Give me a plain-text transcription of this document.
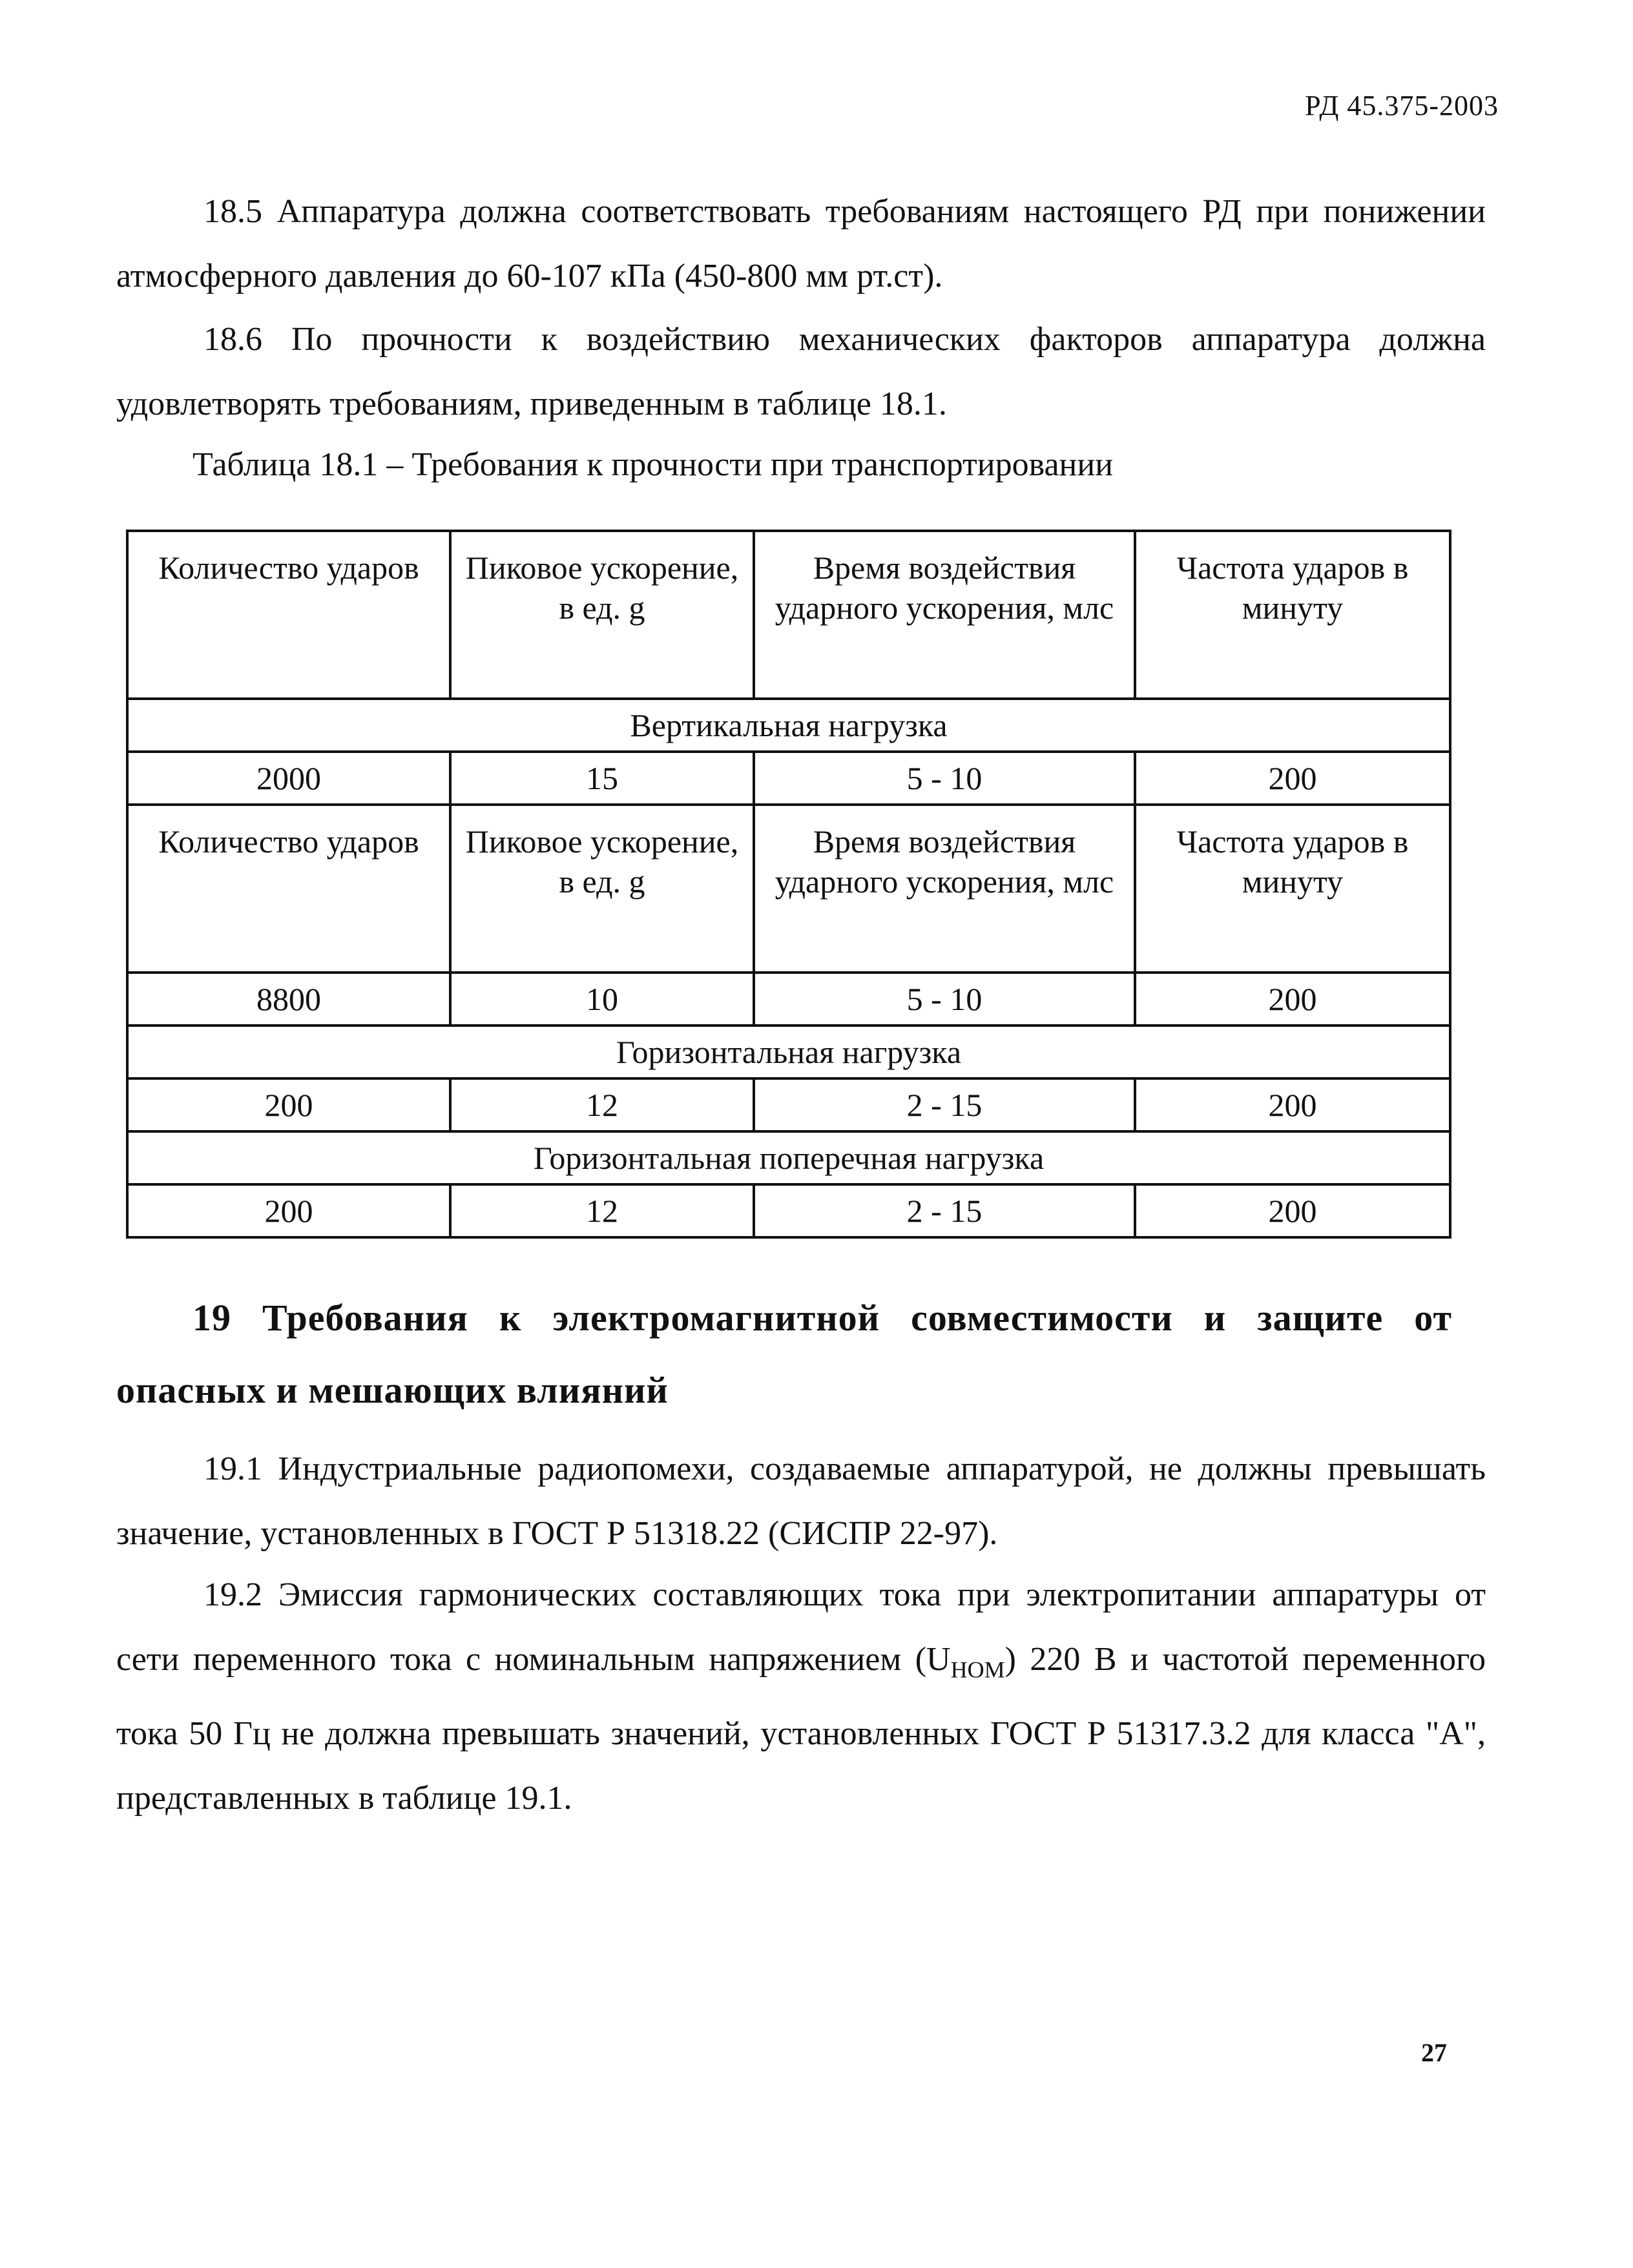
РД 45.375-2003

18.5 Аппаратура должна соответствовать требованиям настоящего РД при понижении атмосферного давления до 60-107 кПа (450-800 мм рт.ст).

18.6 По прочности к воздействию механических факторов аппаратура должна удовлетворять требованиям, приведенным в таблице 18.1.

Таблица 18.1 – Требования к прочности при транспортировании

Количество ударов	Пиковое ускорение, в ед. g	Время воздействия ударного ускорения, млс	Частота ударов в минуту
Вертикальная нагрузка			
2000	15	5 - 10	200
Количество ударов	Пиковое ускорение, в ед. g	Время воздействия ударного ускорения, млс	Частота ударов в минуту
8800	10	5 - 10	200
Горизонтальная нагрузка			
200	12	2 - 15	200
Горизонтальная поперечная нагрузка			
200	12	2 - 15	200
19 Требования к электромагнитной совместимости и защите от опасных и мешающих влияний

19.1 Индустриальные радиопомехи, создаваемые аппаратурой, не должны превышать значение, установленных в ГОСТ Р 51318.22 (СИСПР 22-97).

19.2 Эмиссия гармонических составляющих тока при электропитании аппаратуры от сети переменного тока с номинальным напряжением $(U_{НОМ})$ 220 В и частотой переменного тока 50 Гц не должна превышать значений, установленных ГОСТ Р 51317.3.2 для класса "А", представленных в таблице 19.1.

27
